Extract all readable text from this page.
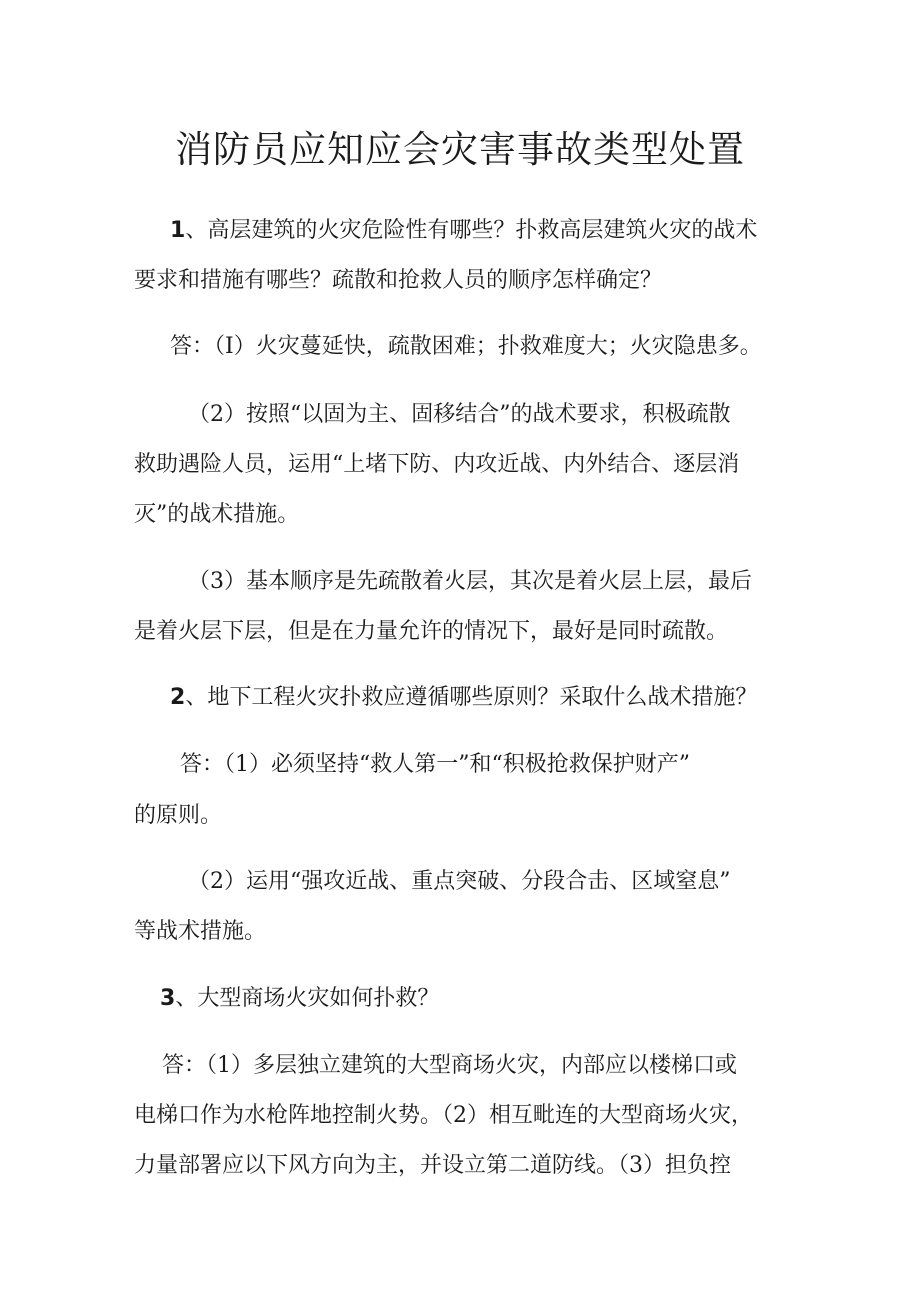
消防员应知应会灾害事故类型处置

1、高层建筑的火灾危险性有哪些？扑救高层建筑火灾的战术

要求和措施有哪些？疏散和抢救人员的顺序怎样确定？

答：（I）火灾蔓延快，疏散困难；扑救难度大；火灾隐患多。

（2）按照“以固为主、固移结合”的战术要求，积极疏散

救助遇险人员，运用“上堵下防、内攻近战、内外结合、逐层消

灭”的战术措施。

（3）基本顺序是先疏散着火层，其次是着火层上层，最后

是着火层下层，但是在力量允许的情况下，最好是同时疏散。

2、地下工程火灾扑救应遵循哪些原则？采取什么战术措施？

答：（1）必须坚持“救人第一”和“积极抢救保护财产”

的原则。

（2）运用“强攻近战、重点突破、分段合击、区域窒息”

等战术措施。

3、大型商场火灾如何扑救？

答：（1）多层独立建筑的大型商场火灾，内部应以楼梯口或

电梯口作为水枪阵地控制火势。（2）相互毗连的大型商场火灾，

力量部署应以下风方向为主，并设立第二道防线。（3）担负控
